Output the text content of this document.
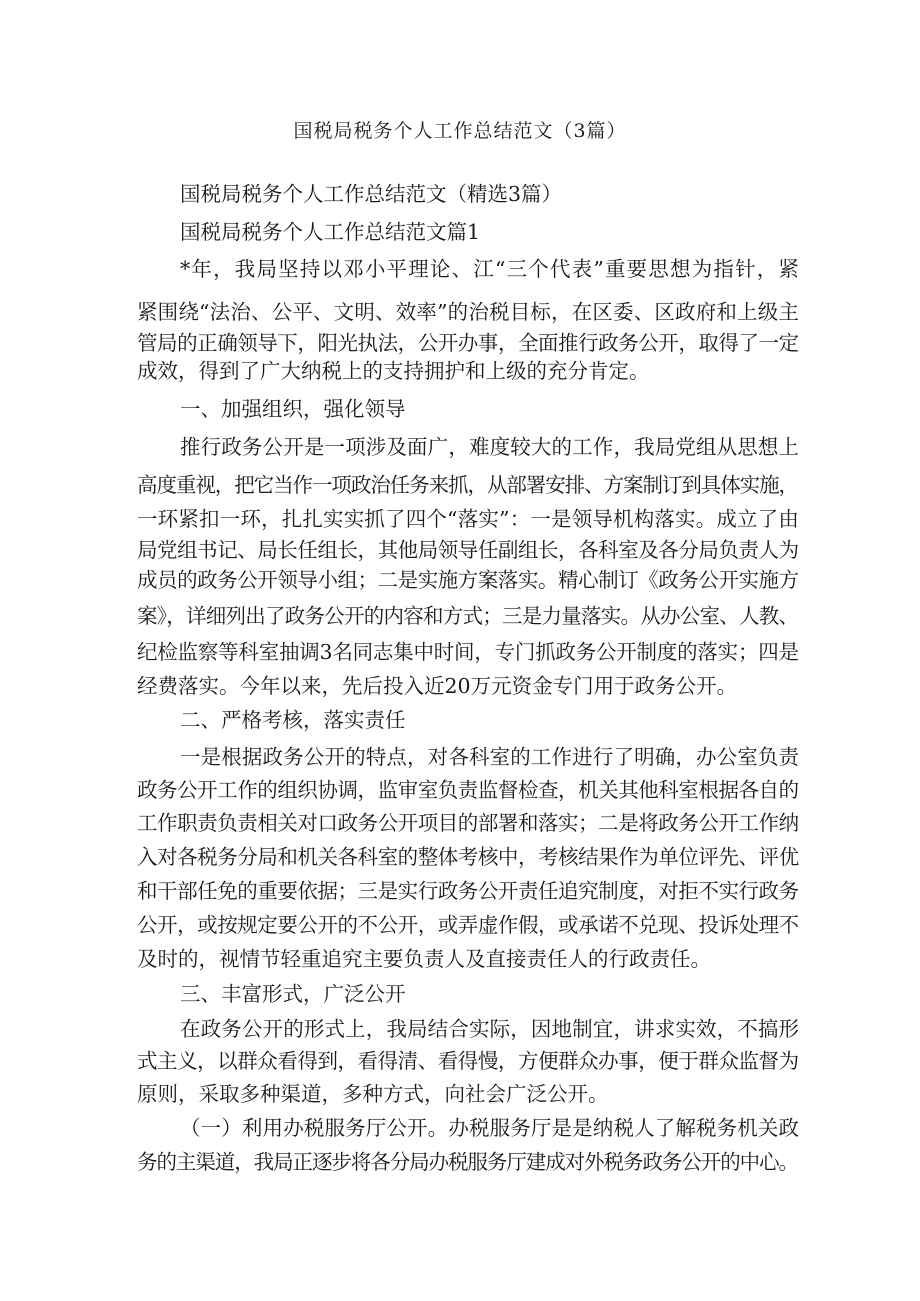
国税局税务个人工作总结范文（3篇）
国税局税务个人工作总结范文（精选3篇）
国税局税务个人工作总结范文篇1
*年，我局坚持以邓小平理论、江“三个代表”重要思想为指针，紧
紧围绕“法治、公平、文明、效率”的治税目标，在区委、区政府和上级主
管局的正确领导下，阳光执法，公开办事，全面推行政务公开，取得了一定
成效，得到了广大纳税上的支持拥护和上级的充分肯定。
一、加强组织，强化领导
推行政务公开是一项涉及面广，难度较大的工作，我局党组从思想上
高度重视，把它当作一项政治任务来抓，从部署安排、方案制订到具体实施，
一环紧扣一环，扎扎实实抓了四个“落实”：一是领导机构落实。成立了由
局党组书记、局长任组长，其他局领导任副组长，各科室及各分局负责人为
成员的政务公开领导小组；二是实施方案落实。精心制订《政务公开实施方
案》，详细列出了政务公开的内容和方式；三是力量落实。从办公室、人教、
纪检监察等科室抽调3名同志集中时间，专门抓政务公开制度的落实；四是
经费落实。今年以来，先后投入近20万元资金专门用于政务公开。
二、严格考核，落实责任
一是根据政务公开的特点，对各科室的工作进行了明确，办公室负责
政务公开工作的组织协调，监审室负责监督检查，机关其他科室根据各自的
工作职责负责相关对口政务公开项目的部署和落实；二是将政务公开工作纳
入对各税务分局和机关各科室的整体考核中，考核结果作为单位评先、评优
和干部任免的重要依据；三是实行政务公开责任追究制度，对拒不实行政务
公开，或按规定要公开的不公开，或弄虚作假，或承诺不兑现、投诉处理不
及时的，视情节轻重追究主要负责人及直接责任人的行政责任。
三、丰富形式，广泛公开
在政务公开的形式上，我局结合实际，因地制宜，讲求实效，不搞形
式主义，以群众看得到，看得清、看得慢，方便群众办事，便于群众监督为
原则，采取多种渠道，多种方式，向社会广泛公开。
（一）利用办税服务厅公开。办税服务厅是是纳税人了解税务机关政
务的主渠道，我局正逐步将各分局办税服务厅建成对外税务政务公开的中心。
